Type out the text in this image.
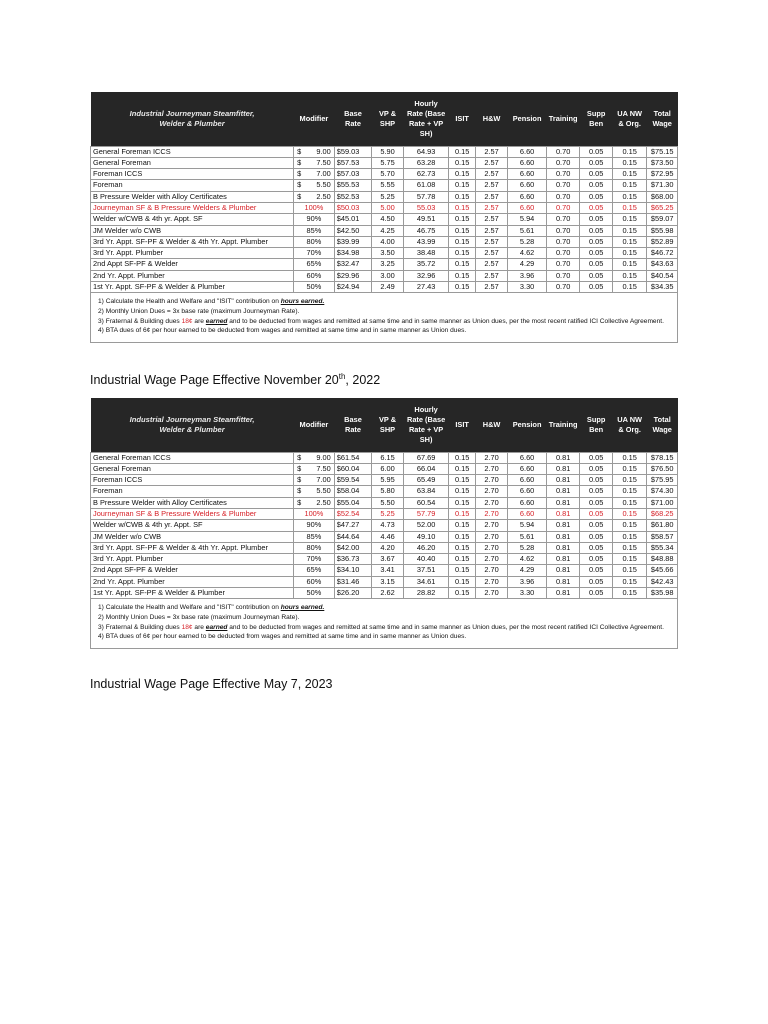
Industrial Journeyman Steamfitter,
Welder & Plumber	Modifier	Base
Rate	VP &
SHP	Hourly
Rate (Base
Rate + VP
SH)	ISIT	H&W	Pension	Training	Supp
Ben	UA NW
& Org.	Total
Wage
General Foreman ICCS	$ 9.00	$59.03	5.90	64.93	0.15	2.57	6.60	0.70	0.05	0.15	$75.15
General Foreman	$ 7.50	$57.53	5.75	63.28	0.15	2.57	6.60	0.70	0.05	0.15	$73.50
Foreman ICCS	$ 7.00	$57.03	5.70	62.73	0.15	2.57	6.60	0.70	0.05	0.15	$72.95
Foreman	$ 5.50	$55.53	5.55	61.08	0.15	2.57	6.60	0.70	0.05	0.15	$71.30
B Pressure Welder with Alloy Certificates	$ 2.50	$52.53	5.25	57.78	0.15	2.57	6.60	0.70	0.05	0.15	$68.00
Journeyman SF & B Pressure Welders & Plumber	100%	$50.03	5.00	55.03	0.15	2.57	6.60	0.70	0.05	0.15	$65.25
Welder w/CWB & 4th yr. Appt. SF	90%	$45.01	4.50	49.51	0.15	2.57	5.94	0.70	0.05	0.15	$59.07
JM Welder w/o CWB	85%	$42.50	4.25	46.75	0.15	2.57	5.61	0.70	0.05	0.15	$55.98
3rd Yr. Appt. SF-PF & Welder & 4th Yr. Appt. Plumber	80%	$39.99	4.00	43.99	0.15	2.57	5.28	0.70	0.05	0.15	$52.89
3rd Yr. Appt. Plumber	70%	$34.98	3.50	38.48	0.15	2.57	4.62	0.70	0.05	0.15	$46.72
2nd Appt SF-PF & Welder	65%	$32.47	3.25	35.72	0.15	2.57	4.29	0.70	0.05	0.15	$43.63
2nd Yr. Appt. Plumber	60%	$29.96	3.00	32.96	0.15	2.57	3.96	0.70	0.05	0.15	$40.54
1st Yr. Appt. SF-PF & Welder & Plumber	50%	$24.94	2.49	27.43	0.15	2.57	3.30	0.70	0.05	0.15	$34.35
1) Calculate the Health and Welfare and "ISIT" contribution on hours earned.
2) Monthly Union Dues = 3x base rate (maximum Journeyman Rate).
3) Fraternal & Building dues 18¢ are earned and to be deducted from wages and remitted at same time and in same manner as Union dues, per the most recent ratified ICI Collective Agreement.
4) BTA dues of 6¢ per hour earned to be deducted from wages and remitted at same time and in same manner as Union dues.
Industrial Wage Page Effective November 20th, 2022
Industrial Journeyman Steamfitter,
Welder & Plumber	Modifier	Base
Rate	VP &
SHP	Hourly
Rate (Base
Rate + VP
SH)	ISIT	H&W	Pension	Training	Supp
Ben	UA NW
& Org.	Total
Wage
General Foreman ICCS	$ 9.00	$61.54	6.15	67.69	0.15	2.70	6.60	0.81	0.05	0.15	$78.15
General Foreman	$ 7.50	$60.04	6.00	66.04	0.15	2.70	6.60	0.81	0.05	0.15	$76.50
Foreman ICCS	$ 7.00	$59.54	5.95	65.49	0.15	2.70	6.60	0.81	0.05	0.15	$75.95
Foreman	$ 5.50	$58.04	5.80	63.84	0.15	2.70	6.60	0.81	0.05	0.15	$74.30
B Pressure Welder with Alloy Certificates	$ 2.50	$55.04	5.50	60.54	0.15	2.70	6.60	0.81	0.05	0.15	$71.00
Journeyman SF & B Pressure Welders & Plumber	100%	$52.54	5.25	57.79	0.15	2.70	6.60	0.81	0.05	0.15	$68.25
Welder w/CWB & 4th yr. Appt. SF	90%	$47.27	4.73	52.00	0.15	2.70	5.94	0.81	0.05	0.15	$61.80
JM Welder w/o CWB	85%	$44.64	4.46	49.10	0.15	2.70	5.61	0.81	0.05	0.15	$58.57
3rd Yr. Appt. SF-PF & Welder & 4th Yr. Appt. Plumber	80%	$42.00	4.20	46.20	0.15	2.70	5.28	0.81	0.05	0.15	$55.34
3rd Yr. Appt. Plumber	70%	$36.73	3.67	40.40	0.15	2.70	4.62	0.81	0.05	0.15	$48.88
2nd Appt SF-PF & Welder	65%	$34.10	3.41	37.51	0.15	2.70	4.29	0.81	0.05	0.15	$45.66
2nd Yr. Appt. Plumber	60%	$31.46	3.15	34.61	0.15	2.70	3.96	0.81	0.05	0.15	$42.43
1st Yr. Appt. SF-PF & Welder & Plumber	50%	$26.20	2.62	28.82	0.15	2.70	3.30	0.81	0.05	0.15	$35.98
1) Calculate the Health and Welfare and "ISIT" contribution on hours earned.
2) Monthly Union Dues = 3x base rate (maximum Journeyman Rate).
3) Fraternal & Building dues 18¢ are earned and to be deducted from wages and remitted at same time and in same manner as Union dues, per the most recent ratified ICI Collective Agreement.
4) BTA dues of 6¢ per hour earned to be deducted from wages and remitted at same time and in same manner as Union dues.
Industrial Wage Page Effective May 7, 2023
